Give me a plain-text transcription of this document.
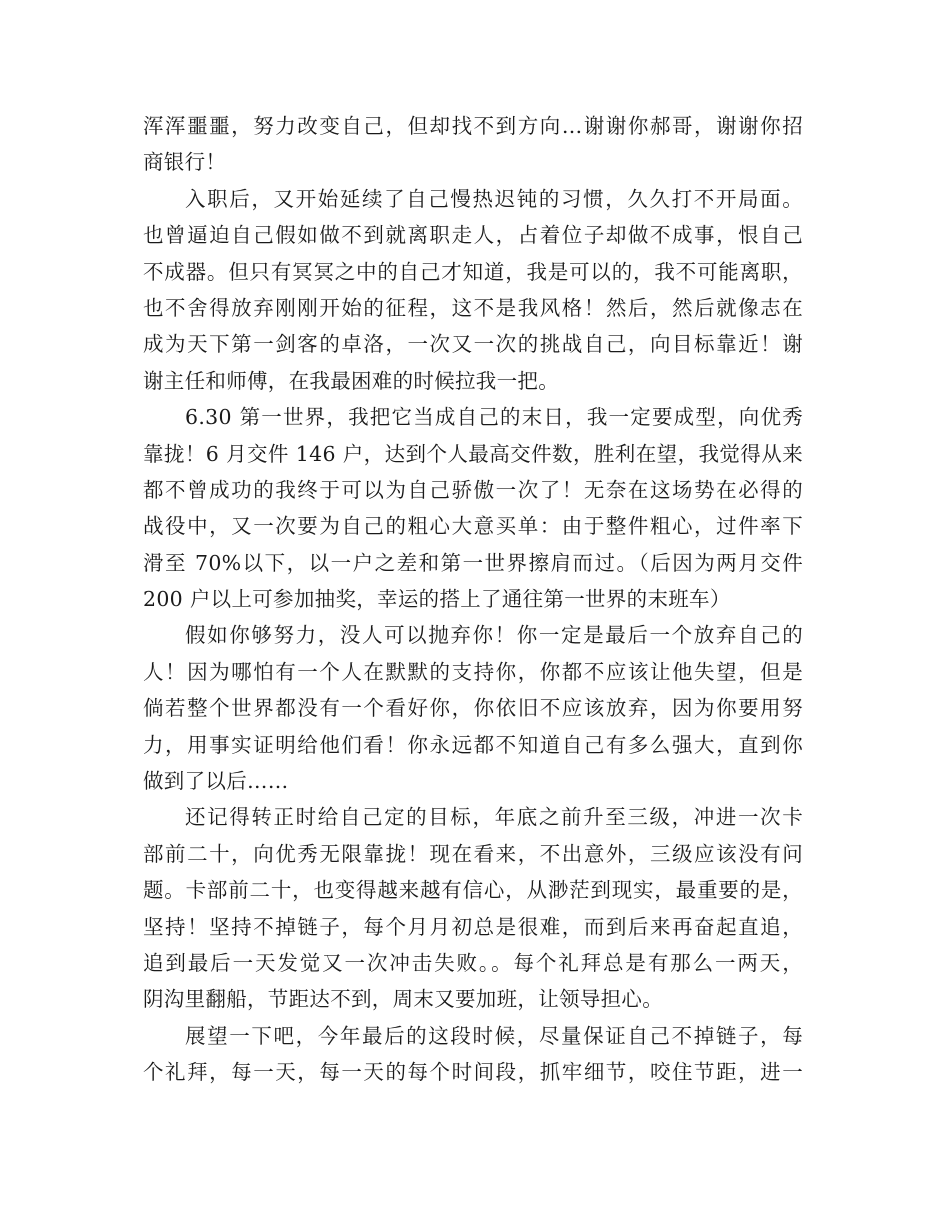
浑浑噩噩，努力改变自己，但却找不到方向…谢谢你郝哥，谢谢你招
商银行！
入职后，又开始延续了自己慢热迟钝的习惯，久久打不开局面。
也曾逼迫自己假如做不到就离职走人，占着位子却做不成事，恨自己
不成器。但只有冥冥之中的自己才知道，我是可以的，我不可能离职，
也不舍得放弃刚刚开始的征程，这不是我风格！然后，然后就像志在
成为天下第一剑客的卓洛，一次又一次的挑战自己，向目标靠近！谢
谢主任和师傅，在我最困难的时候拉我一把。
6.30 第一世界，我把它当成自己的末日，我一定要成型，向优秀
靠拢！6 月交件 146 户，达到个人最高交件数，胜利在望，我觉得从来
都不曾成功的我终于可以为自己骄傲一次了！无奈在这场势在必得的
战役中，又一次要为自己的粗心大意买单：由于整件粗心，过件率下
滑至 70%以下，以一户之差和第一世界擦肩而过。（后因为两月交件
200 户以上可参加抽奖，幸运的搭上了通往第一世界的末班车）
假如你够努力，没人可以抛弃你！你一定是最后一个放弃自己的
人！因为哪怕有一个人在默默的支持你，你都不应该让他失望，但是
倘若整个世界都没有一个看好你，你依旧不应该放弃，因为你要用努
力，用事实证明给他们看！你永远都不知道自己有多么强大，直到你
做到了以后……
还记得转正时给自己定的目标，年底之前升至三级，冲进一次卡
部前二十，向优秀无限靠拢！现在看来，不出意外，三级应该没有问
题。卡部前二十，也变得越来越有信心，从渺茫到现实，最重要的是，
坚持！坚持不掉链子，每个月月初总是很难，而到后来再奋起直追，
追到最后一天发觉又一次冲击失败。。每个礼拜总是有那么一两天，
阴沟里翻船，节距达不到，周末又要加班，让领导担心。
展望一下吧，今年最后的这段时候，尽量保证自己不掉链子，每
个礼拜，每一天，每一天的每个时间段，抓牢细节，咬住节距，进一
